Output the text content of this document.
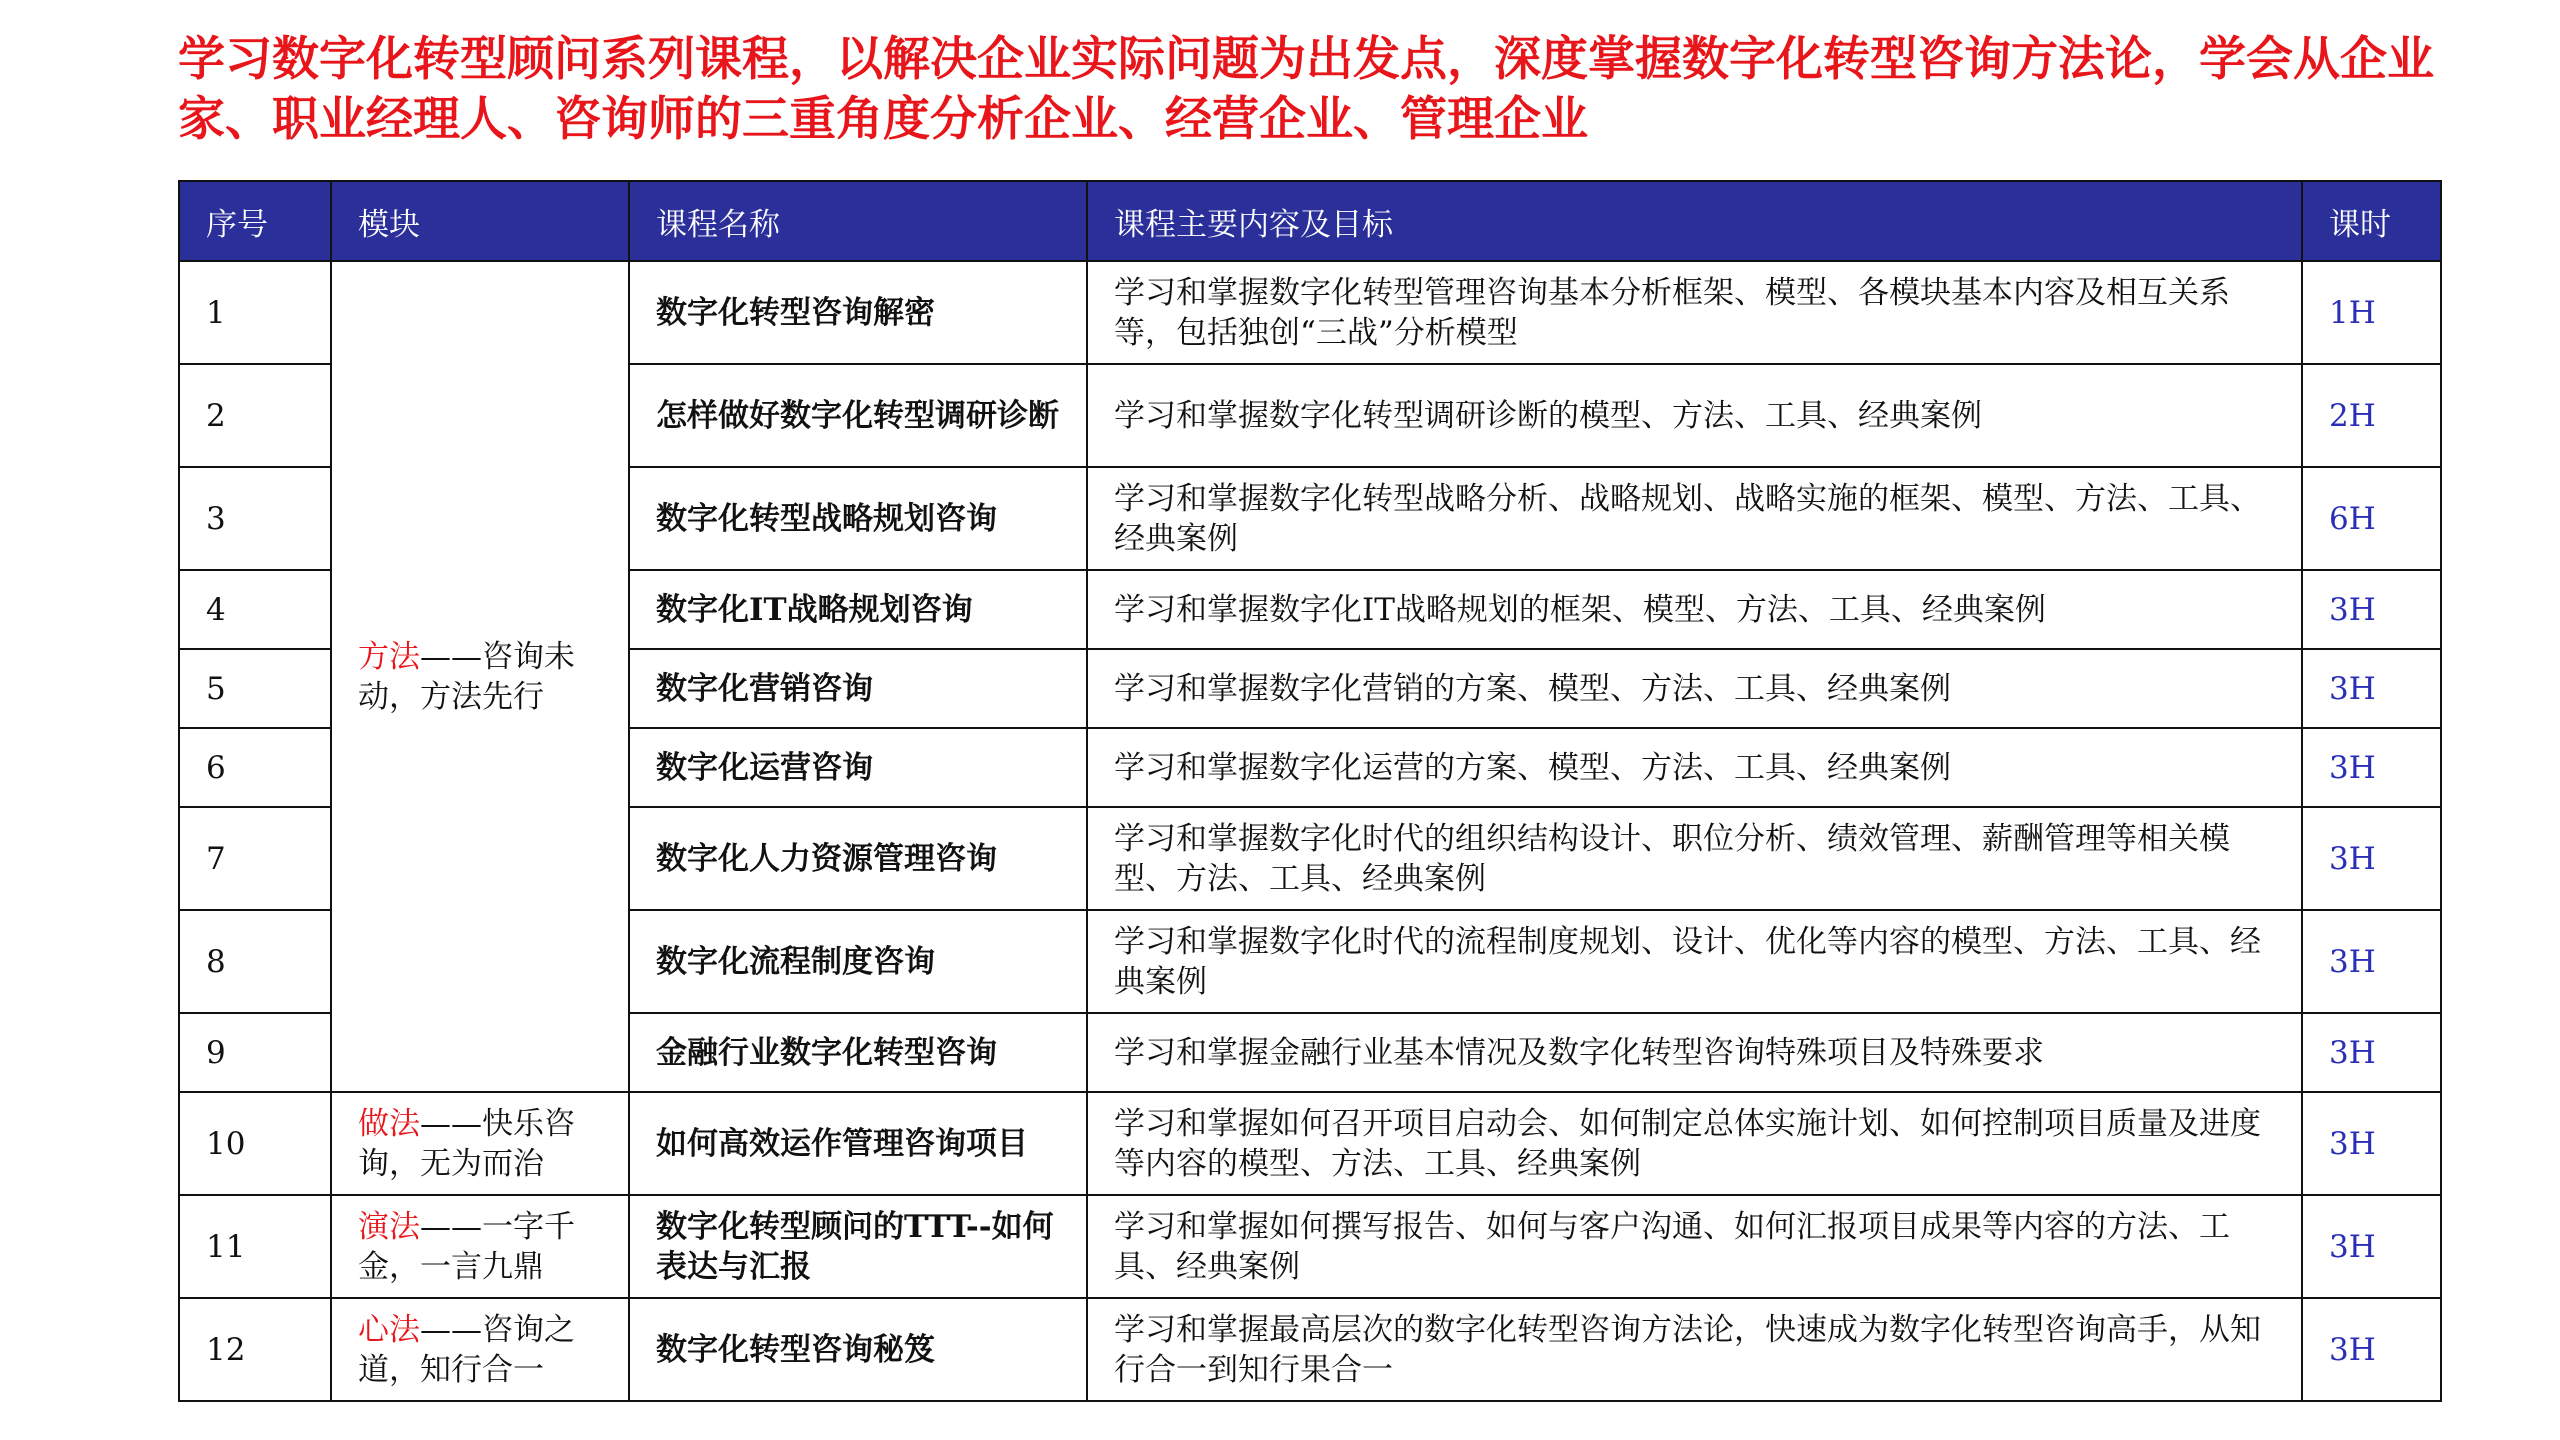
学习数字化转型顾问系列课程，以解决企业实际问题为出发点，深度掌握数字化转型咨询方法论，学会从企业家、职业经理人、咨询师的三重角度分析企业、经营企业、管理企业
序号	模块	课程名称	课程主要内容及目标	课时
1	方法——咨询未动，方法先行	数字化转型咨询解密	学习和掌握数字化转型管理咨询基本分析框架、模型、各模块基本内容及相互关系等，包括独创“三战”分析模型	1H
2		怎样做好数字化转型调研诊断	学习和掌握数字化转型调研诊断的模型、方法、工具、经典案例	2H
3		数字化转型战略规划咨询	学习和掌握数字化转型战略分析、战略规划、战略实施的框架、模型、方法、工具、经典案例	6H
4		数字化IT战略规划咨询	学习和掌握数字化IT战略规划的框架、模型、方法、工具、经典案例	3H
5		数字化营销咨询	学习和掌握数字化营销的方案、模型、方法、工具、经典案例	3H
6		数字化运营咨询	学习和掌握数字化运营的方案、模型、方法、工具、经典案例	3H
7		数字化人力资源管理咨询	学习和掌握数字化时代的组织结构设计、职位分析、绩效管理、薪酬管理等相关模型、方法、工具、经典案例	3H
8		数字化流程制度咨询	学习和掌握数字化时代的流程制度规划、设计、优化等内容的模型、方法、工具、经典案例	3H
9		金融行业数字化转型咨询	学习和掌握金融行业基本情况及数字化转型咨询特殊项目及特殊要求	3H
10	做法——快乐咨询，无为而治	如何高效运作管理咨询项目	学习和掌握如何召开项目启动会、如何制定总体实施计划、如何控制项目质量及进度等内容的模型、方法、工具、经典案例	3H
11	演法——一字千金，一言九鼎	数字化转型顾问的TTT--如何表达与汇报	学习和掌握如何撰写报告、如何与客户沟通、如何汇报项目成果等内容的方法、工具、经典案例	3H
12	心法——咨询之道，知行合一	数字化转型咨询秘笈	学习和掌握最高层次的数字化转型咨询方法论，快速成为数字化转型咨询高手，从知行合一到知行果合一	3H
